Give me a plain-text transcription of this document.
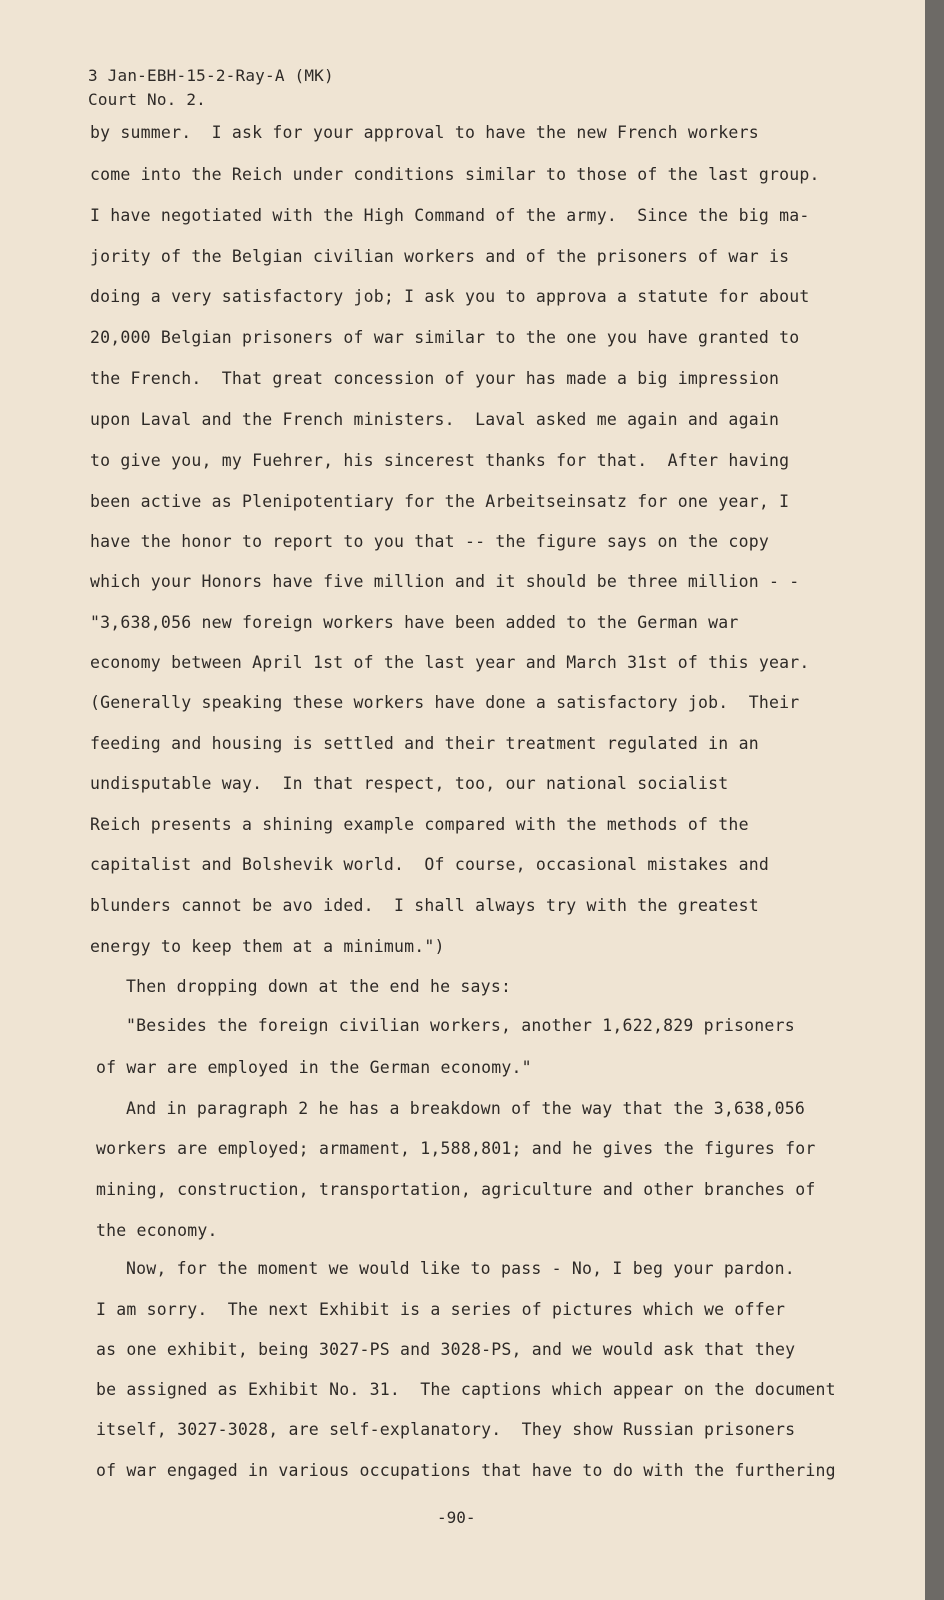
3 Jan-EBH-15-2-Ray-A (MK)
Court No. 2.
by summer.  I ask for your approval to have the new French workers
come into the Reich under conditions similar to those of the last group.
I have negotiated with the High Command of the army.  Since the big ma-
jority of the Belgian civilian workers and of the prisoners of war is
doing a very satisfactory job; I ask you to approva a statute for about
20,000 Belgian prisoners of war similar to the one you have granted to
the French.  That great concession of your has made a big impression
upon Laval and the French ministers.  Laval asked me again and again
to give you, my Fuehrer, his sincerest thanks for that.  After having
been active as Plenipotentiary for the Arbeitseinsatz for one year, I
have the honor to report to you that -- the figure says on the copy
which your Honors have five million and it should be three million - -
"3,638,056 new foreign workers have been added to the German war
economy between April 1st of the last year and March 31st of this year.
(Generally speaking these workers have done a satisfactory job.  Their
feeding and housing is settled and their treatment regulated in an
undisputable way.  In that respect, too, our national socialist
Reich presents a shining example compared with the methods of the
capitalist and Bolshevik world.  Of course, occasional mistakes and
blunders cannot be avo ided.  I shall always try with the greatest
energy to keep them at a minimum.")
Then dropping down at the end he says:
"Besides the foreign civilian workers, another 1,622,829 prisoners
of war are employed in the German economy."
And in paragraph 2 he has a breakdown of the way that the 3,638,056
workers are employed; armament, 1,588,801; and he gives the figures for
mining, construction, transportation, agriculture and other branches of
the economy.
Now, for the moment we would like to pass - No, I beg your pardon.
I am sorry.  The next Exhibit is a series of pictures which we offer
as one exhibit, being 3027-PS and 3028-PS, and we would ask that they
be assigned as Exhibit No. 31.  The captions which appear on the document
itself, 3027-3028, are self-explanatory.  They show Russian prisoners
of war engaged in various occupations that have to do with the furthering
-90-
